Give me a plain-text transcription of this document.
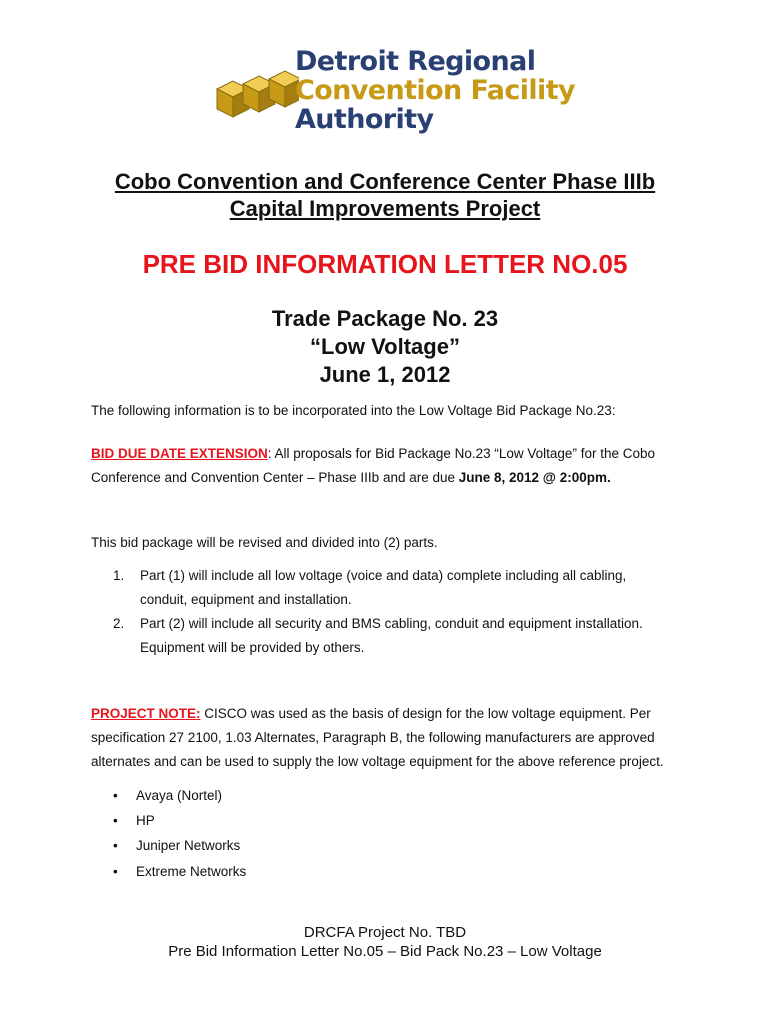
Detroit Regional
Convention Facility
Authority
Cobo Convention and Conference Center Phase IIIb
Capital Improvements Project
PRE BID INFORMATION LETTER NO.05
Trade Package No. 23
“Low Voltage”
June 1, 2012
The following information is to be incorporated into the Low Voltage Bid Package No.23:
BID DUE DATE EXTENSION: All proposals for Bid Package No.23 “Low Voltage” for the Cobo
Conference and Convention Center – Phase IIIb and are due June 8, 2012 @ 2:00pm.
This bid package will be revised and divided into (2) parts.
1. Part (1) will include all low voltage (voice and data) complete including all cabling,
conduit, equipment and installation.
2. Part (2) will include all security and BMS cabling, conduit and equipment installation.
Equipment will be provided by others.
PROJECT NOTE: CISCO was used as the basis of design for the low voltage equipment. Per
specification 27 2100, 1.03 Alternates, Paragraph B, the following manufacturers are approved
alternates and can be used to supply the low voltage equipment for the above reference project.
• Avaya (Nortel)
• HP
• Juniper Networks
• Extreme Networks
DRCFA Project No. TBD
Pre Bid Information Letter No.05 – Bid Pack No.23 – Low Voltage
